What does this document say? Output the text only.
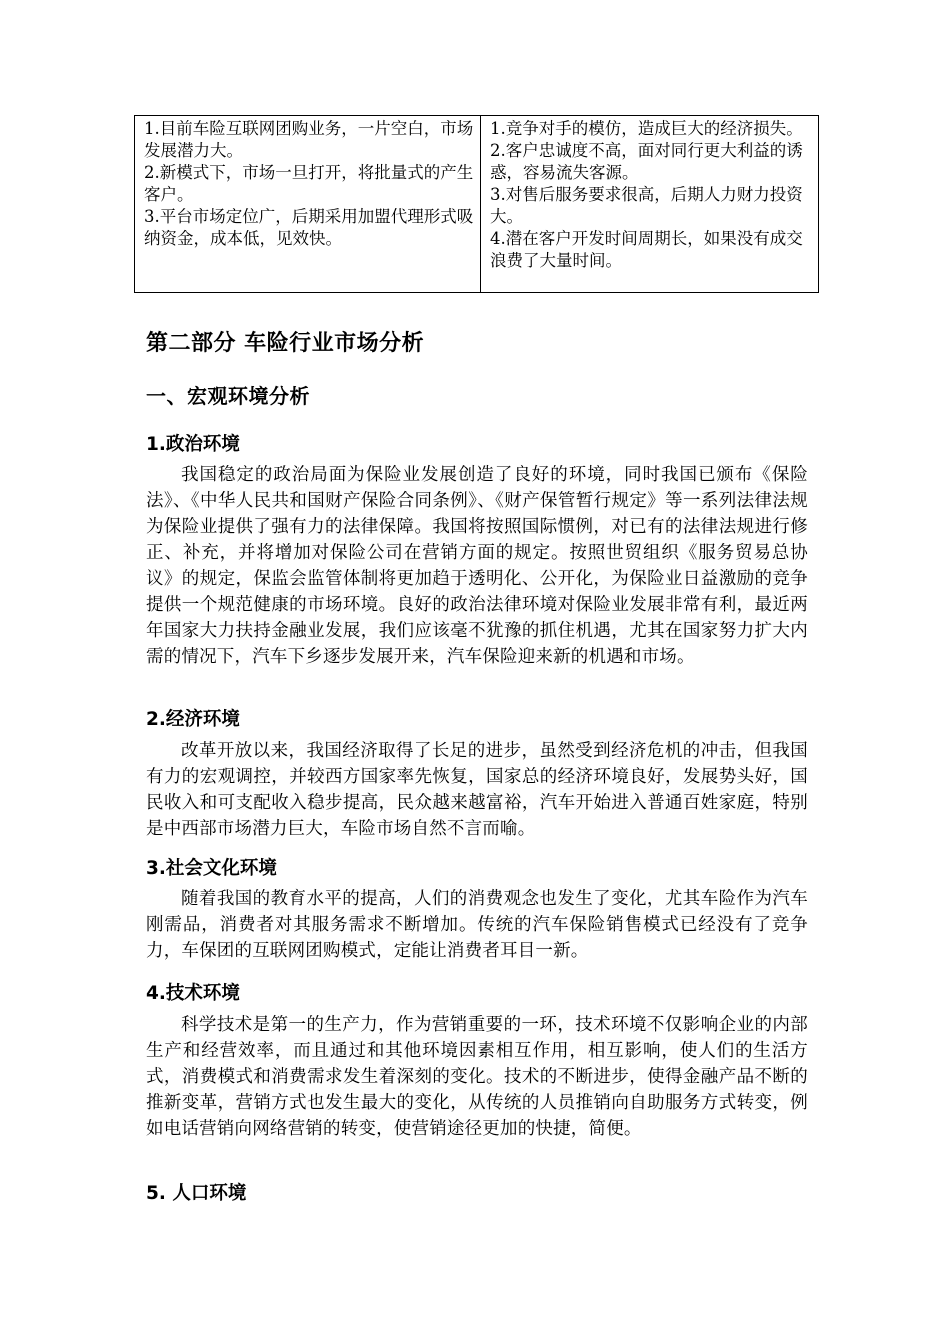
1.目前车险互联网团购业务，一片空白，市场发展潜力大。
2.新模式下，市场一旦打开，将批量式的产生客户。
3.平台市场定位广，后期采用加盟代理形式吸纳资金，成本低，见效快。

1.竞争对手的模仿，造成巨大的经济损失。
2.客户忠诚度不高，面对同行更大利益的诱惑，容易流失客源。
3.对售后服务要求很高，后期人力财力投资大。
4.潜在客户开发时间周期长，如果没有成交浪费了大量时间。
第二部分 车险行业市场分析
一、宏观环境分析
1.政治环境
我国稳定的政治局面为保险业发展创造了良好的环境，同时我国已颁布《保险法》、《中华人民共和国财产保险合同条例》、《财产保管暂行规定》等一系列法律法规为保险业提供了强有力的法律保障。我国将按照国际惯例，对已有的法律法规进行修正、补充，并将增加对保险公司在营销方面的规定。按照世贸组织《服务贸易总协议》的规定，保监会监管体制将更加趋于透明化、公开化，为保险业日益激励的竞争提供一个规范健康的市场环境。良好的政治法律环境对保险业发展非常有利，最近两年国家大力扶持金融业发展，我们应该毫不犹豫的抓住机遇，尤其在国家努力扩大内需的情况下，汽车下乡逐步发展开来，汽车保险迎来新的机遇和市场。
2.经济环境
改革开放以来，我国经济取得了长足的进步，虽然受到经济危机的冲击，但我国有力的宏观调控，并较西方国家率先恢复，国家总的经济环境良好，发展势头好，国民收入和可支配收入稳步提高，民众越来越富裕，汽车开始进入普通百姓家庭，特别是中西部市场潜力巨大，车险市场自然不言而喻。
3.社会文化环境
随着我国的教育水平的提高，人们的消费观念也发生了变化，尤其车险作为汽车刚需品，消费者对其服务需求不断增加。传统的汽车保险销售模式已经没有了竞争力，车保团的互联网团购模式，定能让消费者耳目一新。
4.技术环境
科学技术是第一的生产力，作为营销重要的一环，技术环境不仅影响企业的内部生产和经营效率，而且通过和其他环境因素相互作用，相互影响，使人们的生活方式，消费模式和消费需求发生着深刻的变化。技术的不断进步，使得金融产品不断的推新变革，营销方式也发生最大的变化，从传统的人员推销向自助服务方式转变，例如电话营销向网络营销的转变，使营销途径更加的快捷，简便。
5. 人口环境
